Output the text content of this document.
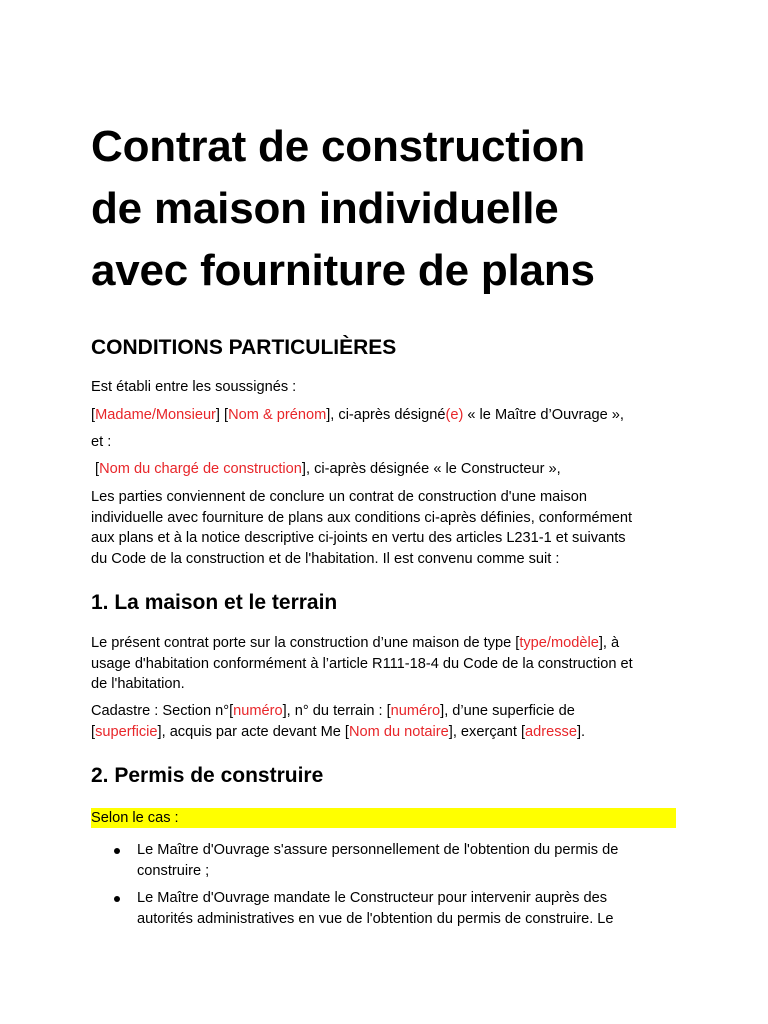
Contrat de construction
de maison individuelle
avec fourniture de plans
CONDITIONS PARTICULIÈRES

Est établi entre les soussignés :

[Madame/Monsieur] [Nom & prénom], ci-après désigné(e) « le Maître d’Ouvrage »,

et :

[Nom du chargé de construction], ci-après désignée « le Constructeur »,

Les parties conviennent de conclure un contrat de construction d'une maison
individuelle avec fourniture de plans aux conditions ci-après définies, conformément
aux plans et à la notice descriptive ci-joints en vertu des articles L231-1 et suivants
du Code de la construction et de l'habitation. Il est convenu comme suit :

1. La maison et le terrain

Le présent contrat porte sur la construction d’une maison de type [type/modèle], à
usage d'habitation conformément à l’article R111-18-4 du Code de la construction et
de l'habitation.

Cadastre : Section n°[numéro], n° du terrain : [numéro], d’une superficie de
[superficie], acquis par acte devant Me [Nom du notaire], exerçant [adresse].

2. Permis de construire
Selon le cas :
Le Maître d'Ouvrage s'assure personnellement de l'obtention du permis de
construire ;
Le Maître d'Ouvrage mandate le Constructeur pour intervenir auprès des
autorités administratives en vue de l'obtention du permis de construire. Le
